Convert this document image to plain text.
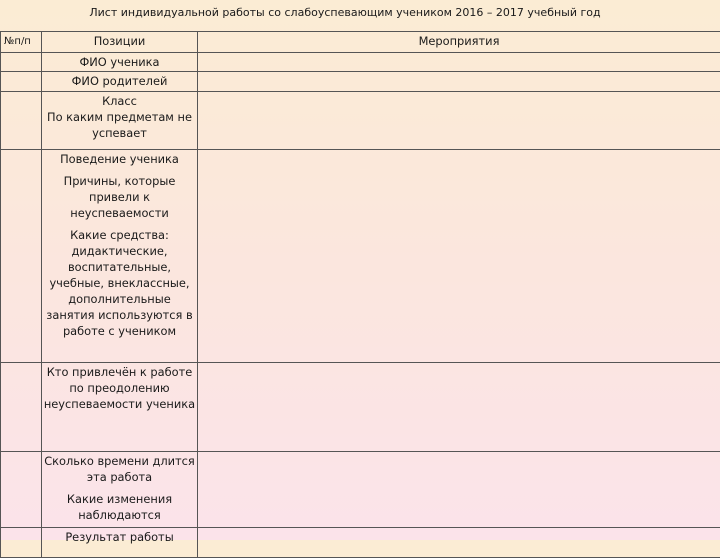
Лист индивидуальной работы со слабоуспевающим учеником 2016 – 2017 учебный год
№п/п	Позиции	Мероприятия

	ФИО ученика	

	ФИО родителей	

	Класс
По каким предметам не успевает	

	Поведение ученика
Причины, которые привели к неуспеваемости
Какие средства: дидактические, воспитательные, учебные, внеклассные, дополнительные занятия используются в работе с учеником	

	Кто привлечён к работе по преодолению неуспеваемости ученика	

	Сколько времени длится эта работа
Какие изменения наблюдаются	

	Результат работы	
